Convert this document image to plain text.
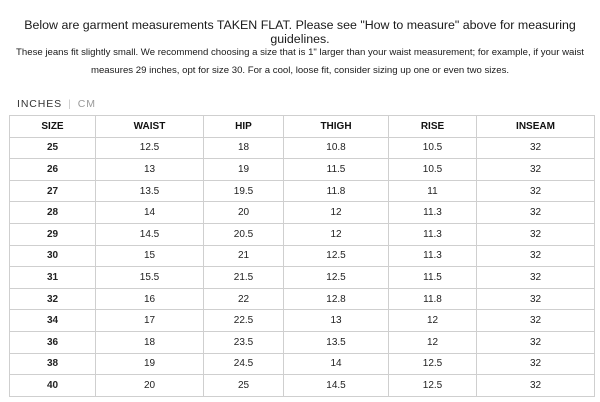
Below are garment measurements TAKEN FLAT. Please see "How to measure" above for measuring guidelines.
These jeans fit slightly small. We recommend choosing a size that is 1" larger than your waist measurement; for example, if your waist
measures 29 inches, opt for size 30. For a cool, loose fit, consider sizing up one or even two sizes.
INCHES | CM
SIZE	WAIST	HIP	THIGH	RISE	INSEAM
25	12.5	18	10.8	10.5	32
26	13	19	11.5	10.5	32
27	13.5	19.5	11.8	11	32
28	14	20	12	11.3	32
29	14.5	20.5	12	11.3	32
30	15	21	12.5	11.3	32
31	15.5	21.5	12.5	11.5	32
32	16	22	12.8	11.8	32
34	17	22.5	13	12	32
36	18	23.5	13.5	12	32
38	19	24.5	14	12.5	32
40	20	25	14.5	12.5	32
